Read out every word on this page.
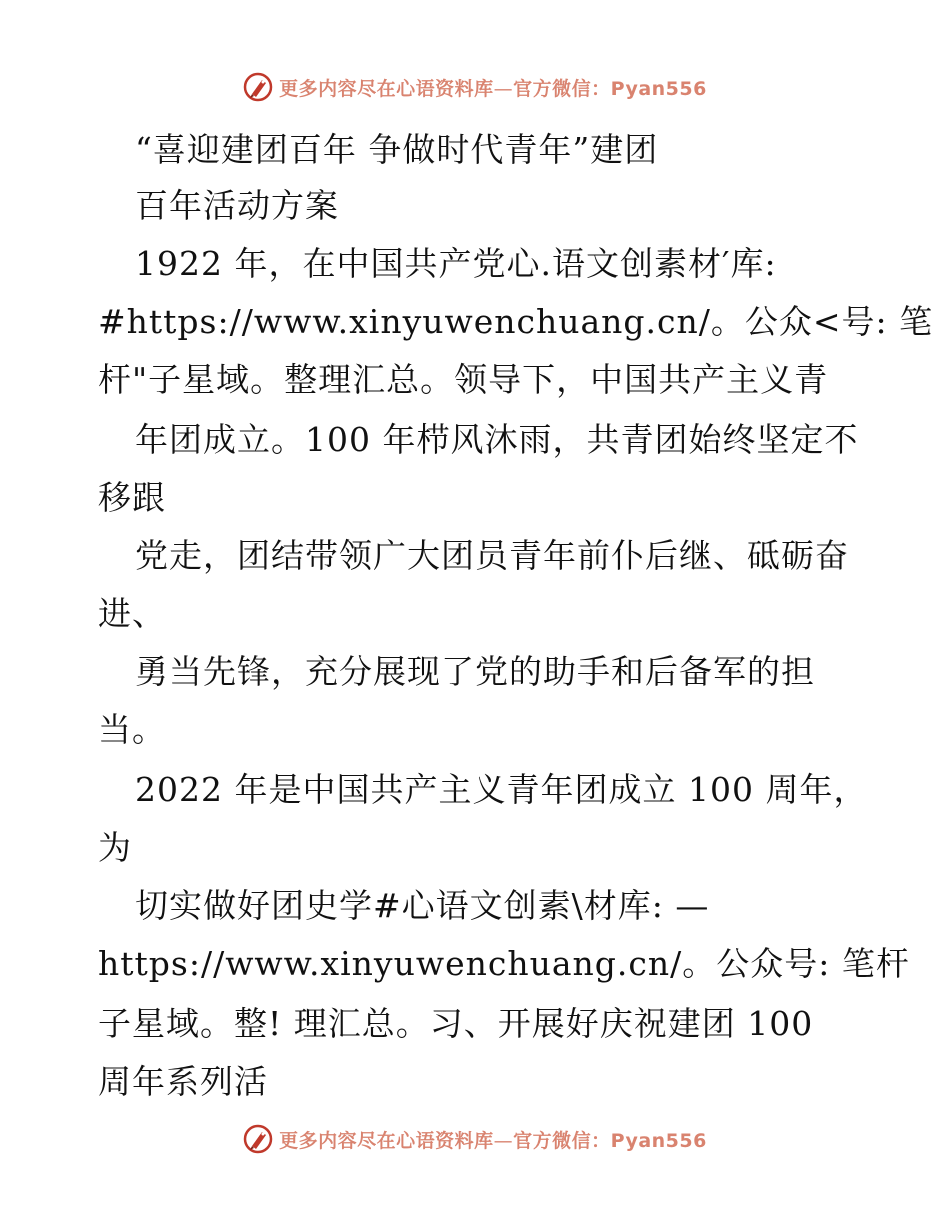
更多内容尽在心语资料库—官方微信：Pyan556
“喜迎建团百年 争做时代青年”建团
百年活动方案
1922 年，在中国共产党心.语文创素材′库:
#https://www.xinyuwenchuang.cn/。公众<号: 笔
杆"子星域。整理汇总。领导下，中国共产主义青
年团成立。100 年栉风沐雨，共青团始终坚定不
移跟
党走，团结带领广大团员青年前仆后继、砥砺奋
进、
勇当先锋，充分展现了党的助手和后备军的担
当。
2022 年是中国共产主义青年团成立 100 周年，
为
切实做好团史学#心语文创素\材库: —
https://www.xinyuwenchuang.cn/。公众号: 笔杆
子星域。整! 理汇总。习、开展好庆祝建团 100
周年系列活
更多内容尽在心语资料库—官方微信：Pyan556
